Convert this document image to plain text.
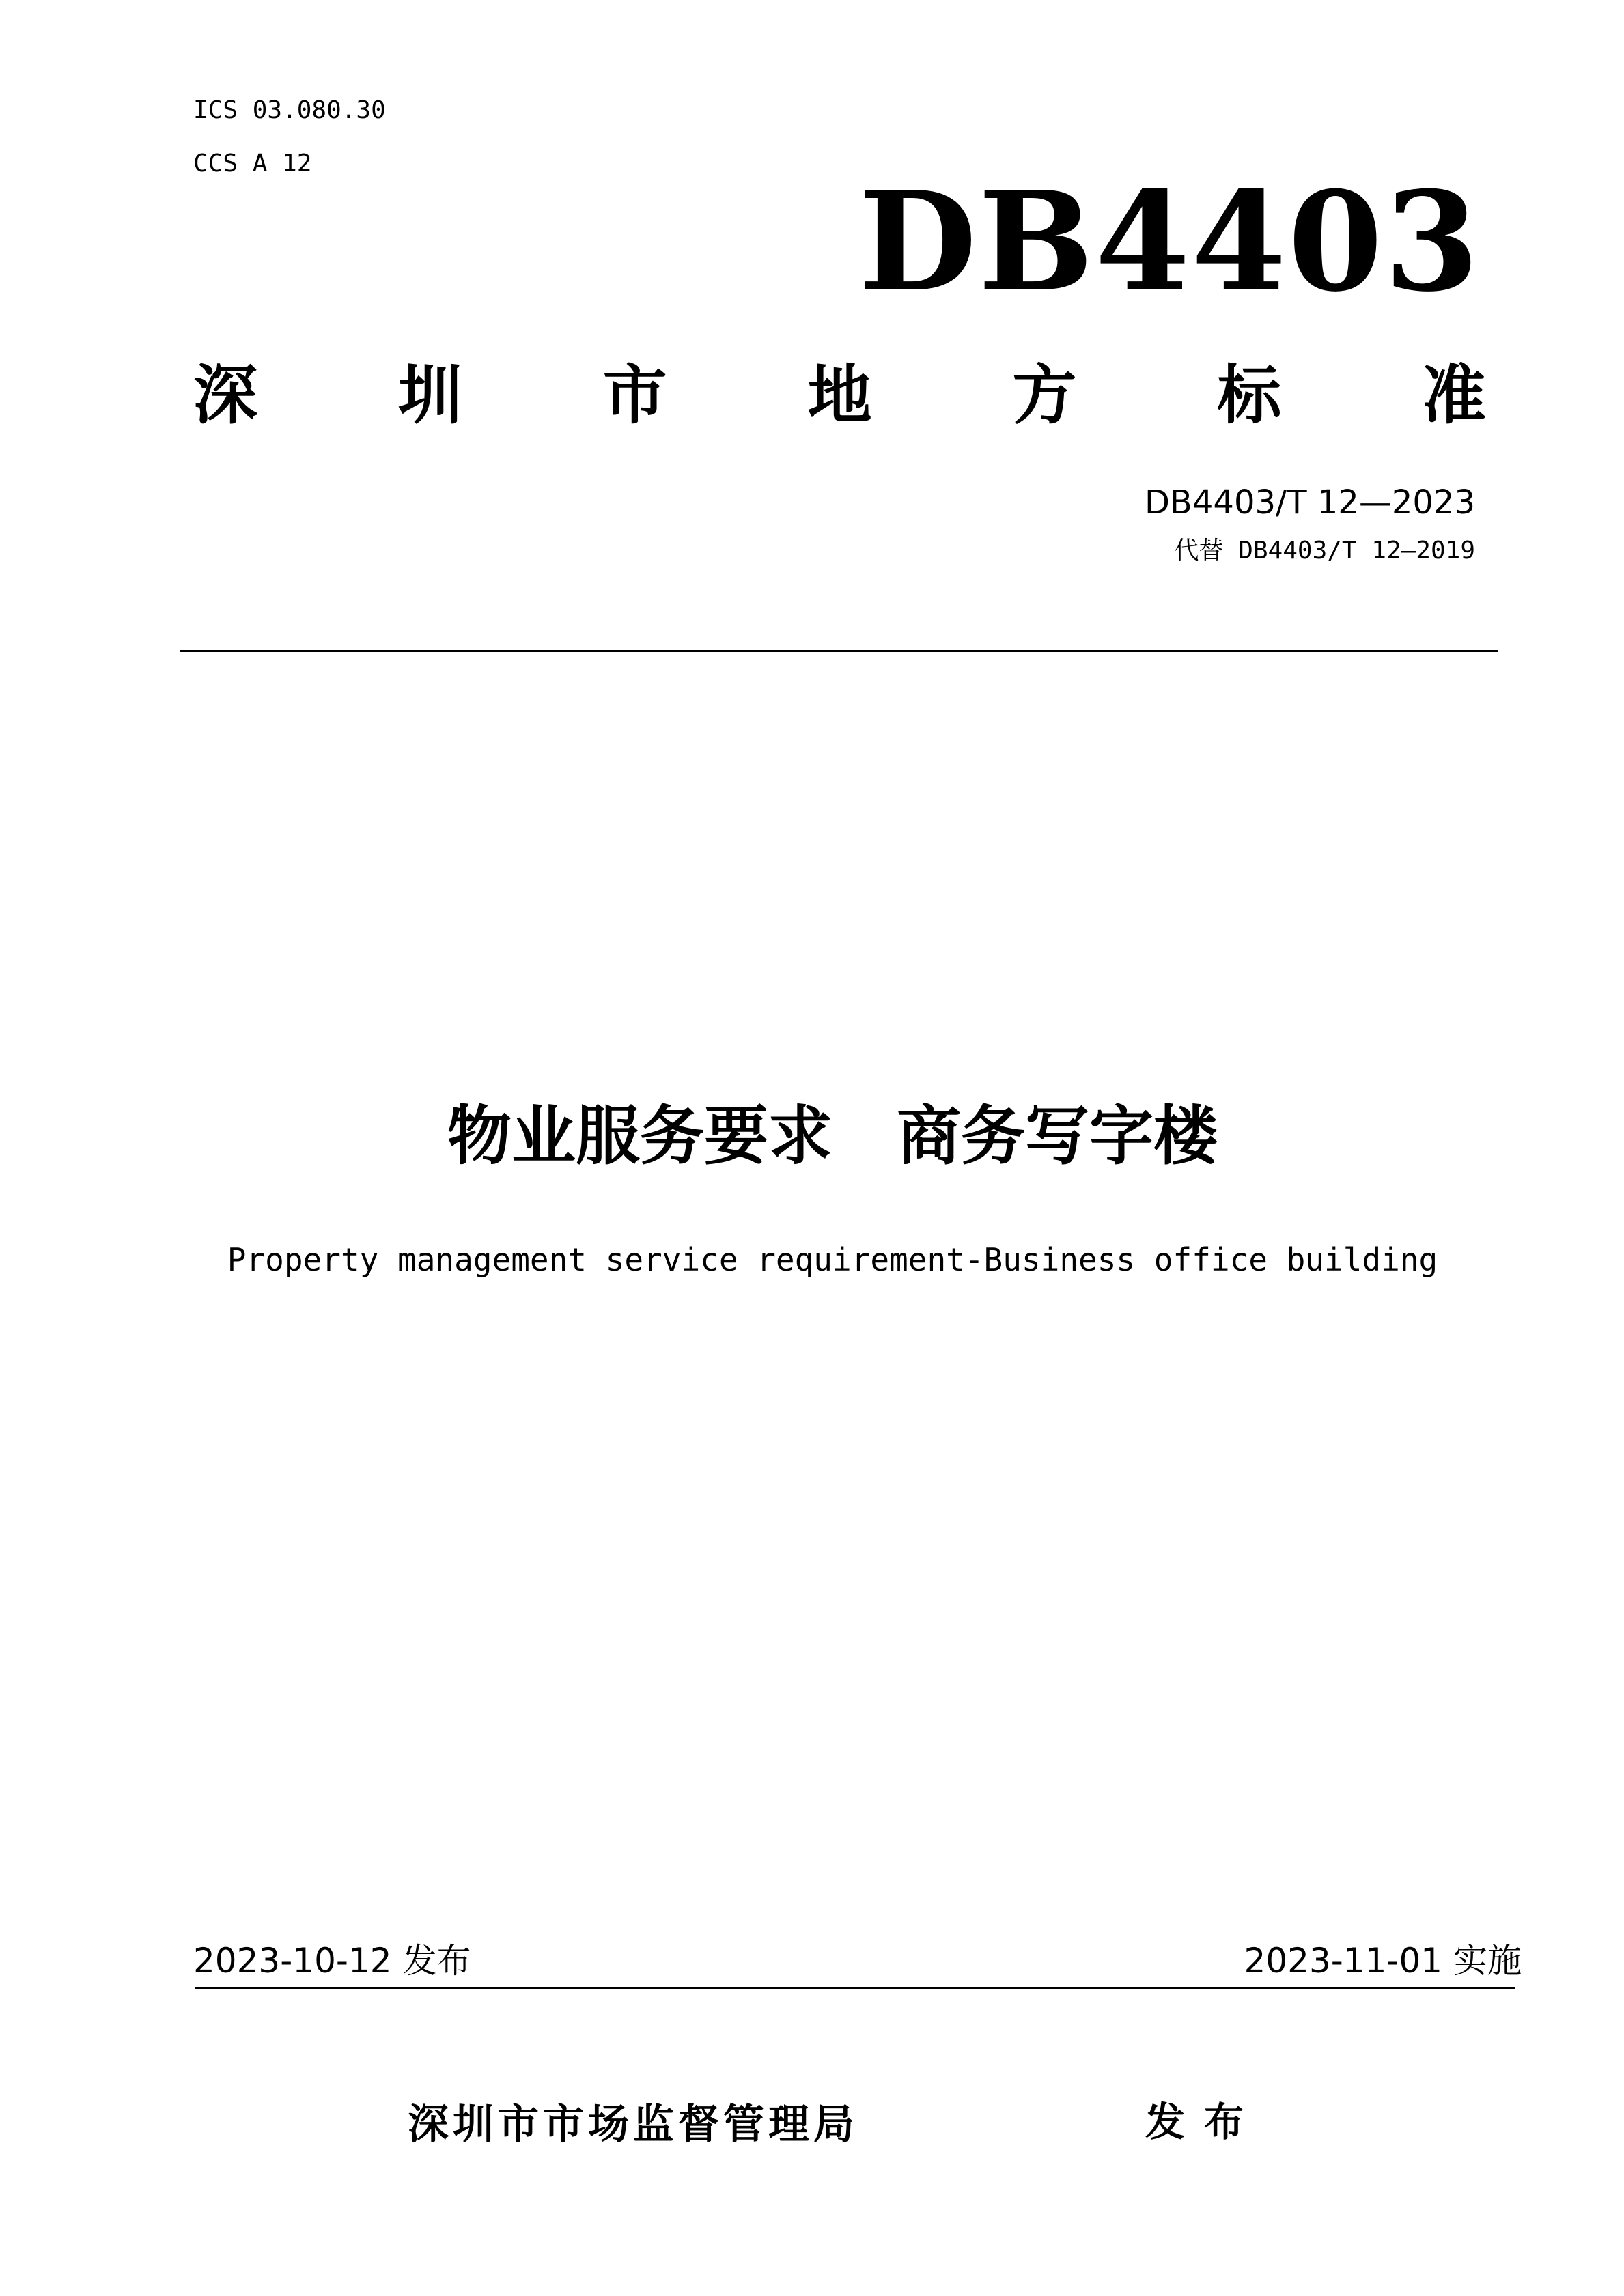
ICS 03.080.30
CCS A 12	DB4403
深 圳 市 地 方 标 准
DB4403/T 12—2023
代替 DB4403/T 12—2019
物业服务要求　商务写字楼
Property management service requirement-Business office building
2023-10-12 发布	2023-11-01 实施
深圳市市场监督管理局	发布
